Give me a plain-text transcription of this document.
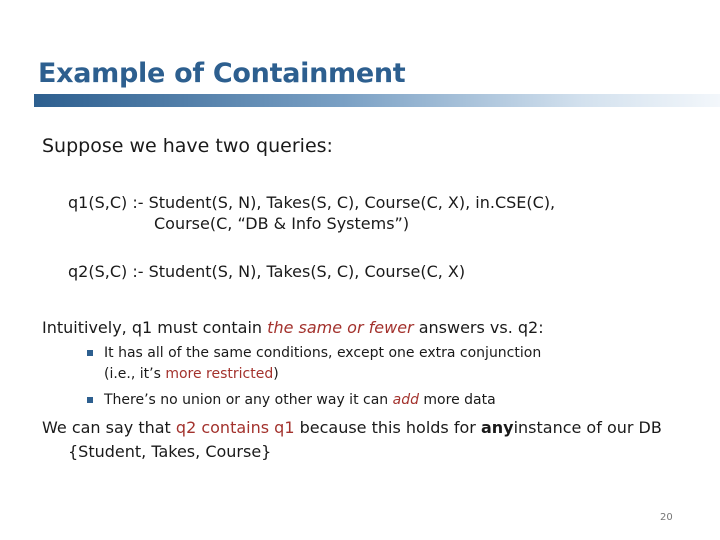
Example of Containment
Suppose we have two queries:
q1(S,C) :- Student(S, N), Takes(S, C), Course(C, X), in.CSE(C),
Course(C, “DB & Info Systems”)
q2(S,C) :- Student(S, N), Takes(S, C), Course(C, X)
Intuitively, q1 must contain the same or fewer answers vs. q2:
It has all of the same conditions, except one extra conjunction
(i.e., it’s more restricted)
There’s no union or any other way it can add more data
We can say that q2 contains q1 because this holds for anyinstance of our DB
{Student, Takes, Course}
20
